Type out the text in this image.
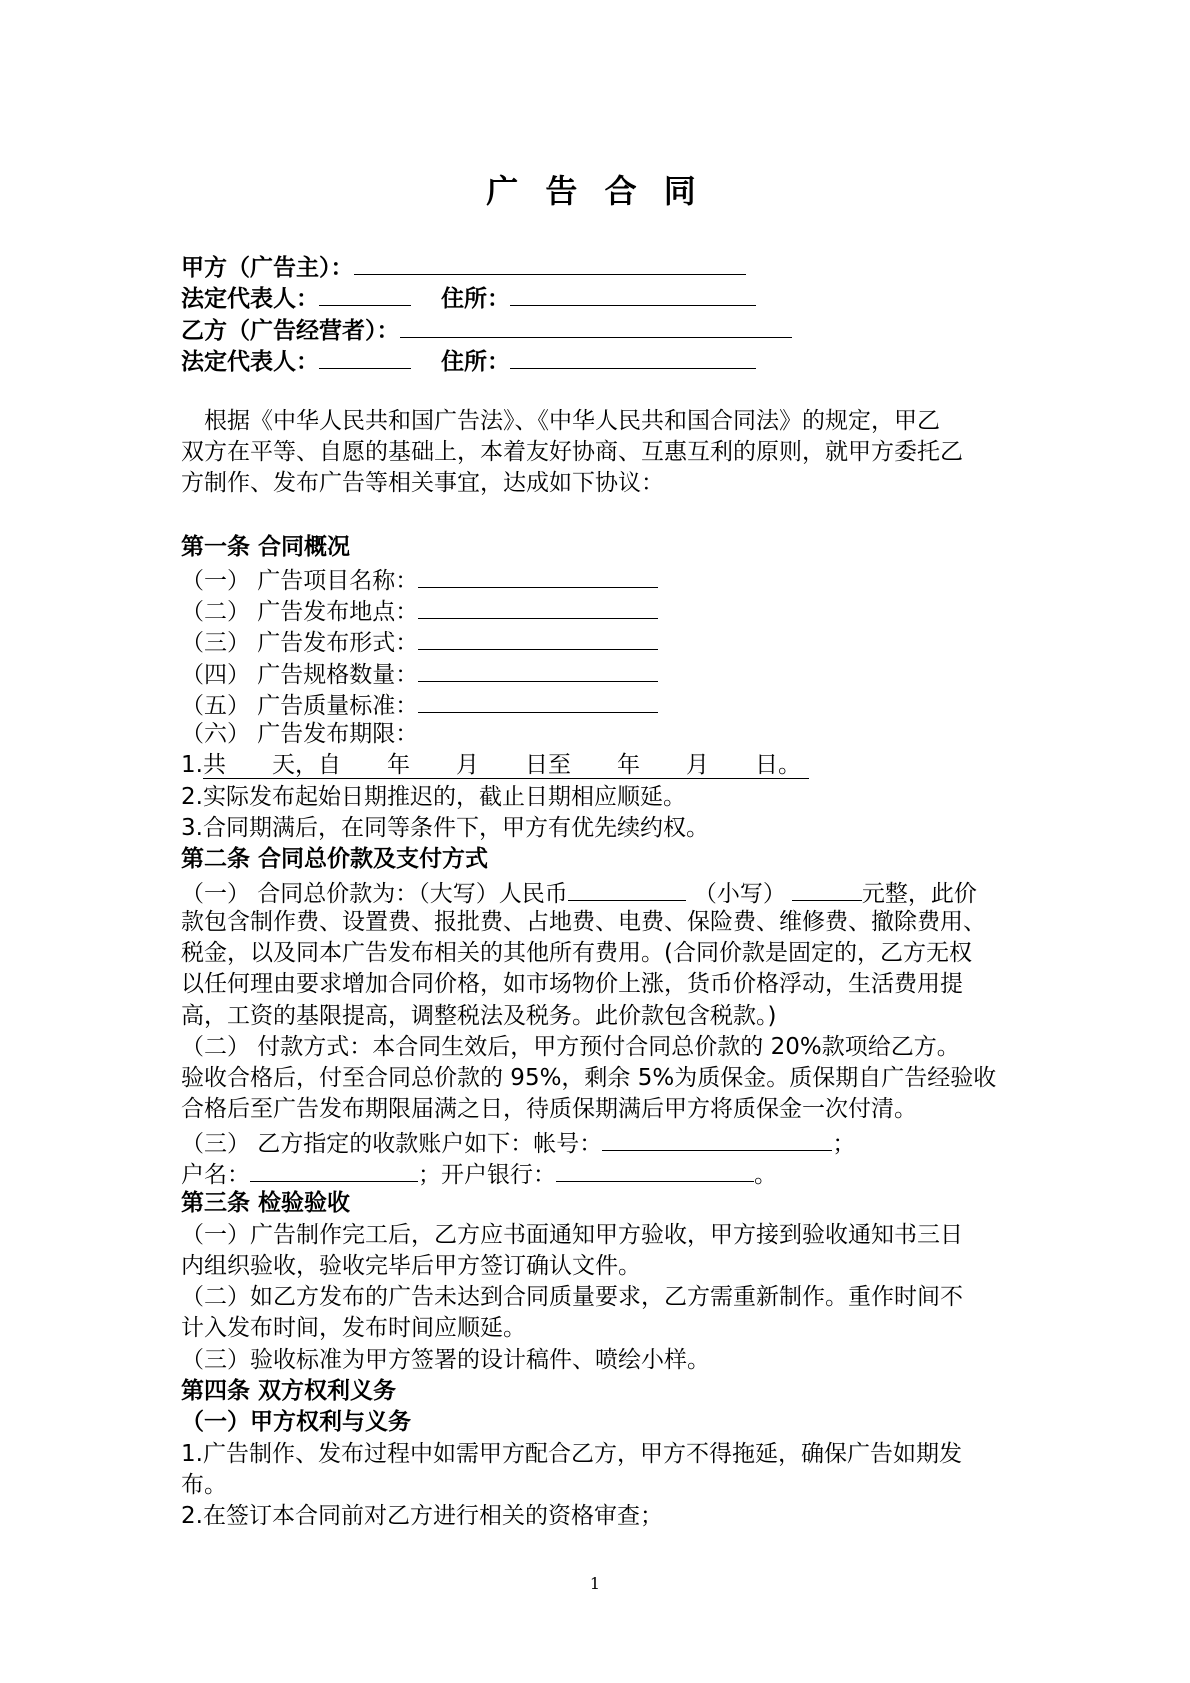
广 告 合 同
甲方（广告主）：
法定代表人：	住所：
乙方（广告经营者）：
法定代表人：	住所：
　根据《中华人民共和国广告法》、《中华人民共和国合同法》的规定，甲乙
双方在平等、自愿的基础上，本着友好协商、互惠互利的原则，就甲方委托乙
方制作、发布广告等相关事宜，达成如下协议：
第一条 合同概况
（一） 广告项目名称：
（二） 广告发布地点：
（三） 广告发布形式：
（四） 广告规格数量：
（五） 广告质量标准：
（六） 广告发布期限：
1.共　　天，自　　年　　月　　日至　　年　　月　　日。
2.实际发布起始日期推迟的，截止日期相应顺延。
3.合同期满后，在同等条件下，甲方有优先续约权。
第二条 合同总价款及支付方式
（一） 合同总价款为：（大写）人民币	（小写）	元整，此价
款包含制作费、设置费、报批费、占地费、电费、保险费、维修费、撤除费用、
税金，以及同本广告发布相关的其他所有费用。(合同价款是固定的，乙方无权
以任何理由要求增加合同价格，如市场物价上涨，货币价格浮动，生活费用提
高，工资的基限提高，调整税法及税务。此价款包含税款。)
（二） 付款方式：本合同生效后，甲方预付合同总价款的 20%款项给乙方。
验收合格后，付至合同总价款的 95%，剩余 5%为质保金。质保期自广告经验收
合格后至广告发布期限届满之日，待质保期满后甲方将质保金一次付清。
（三） 乙方指定的收款账户如下：帐号：	；
户名：	；开户银行：	。
第三条 检验验收
（一）广告制作完工后，乙方应书面通知甲方验收，甲方接到验收通知书三日
内组织验收，验收完毕后甲方签订确认文件。
（二）如乙方发布的广告未达到合同质量要求，乙方需重新制作。重作时间不
计入发布时间，发布时间应顺延。
（三）验收标准为甲方签署的设计稿件、喷绘小样。
第四条 双方权利义务
（一）甲方权利与义务
1.广告制作、发布过程中如需甲方配合乙方，甲方不得拖延，确保广告如期发
布。
2.在签订本合同前对乙方进行相关的资格审查；
1
